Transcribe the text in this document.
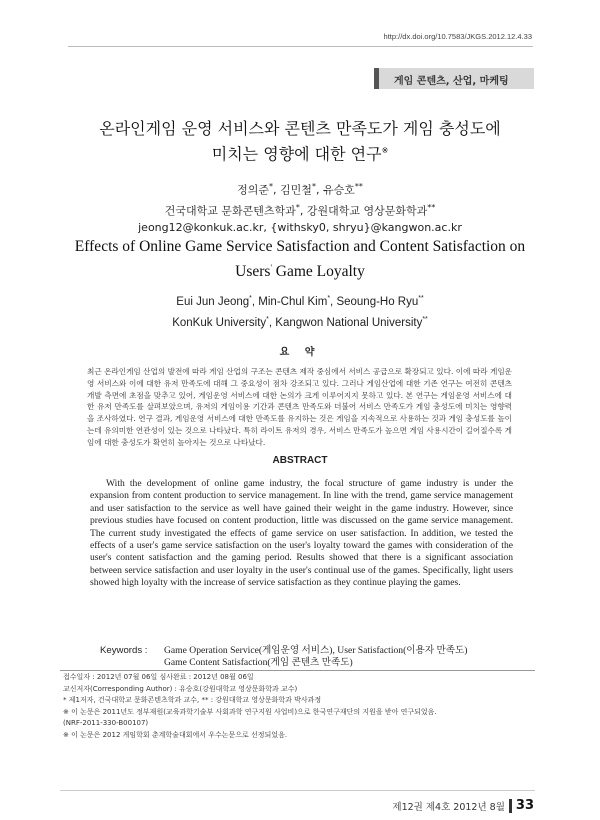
http://dx.doi.org/10.7583/JKGS.2012.12.4.33
게임 콘텐츠, 산업, 마케팅
온라인게임 운영 서비스와 콘텐츠 만족도가 게임 충성도에
미치는 영향에 대한 연구※
정의준*, 김민철*, 유승호**
건국대학교 문화콘텐츠학과*, 강원대학교 영상문화학과**
jeong12@konkuk.ac.kr, {withsky0, shryu}@kangwon.ac.kr
Effects of Online Game Service Satisfaction and Content Satisfaction on
Users' Game Loyalty
Eui Jun Jeong*, Min-Chul Kim*, Seoung-Ho Ryu**
KonKuk University*, Kangwon National University**
요 약
최근 온라인게임 산업의 발전에 따라 게임 산업의 구조는 콘텐츠 제작 중심에서 서비스 공급으로 확장되고 있다. 이에 따라 게임운영 서비스와 이에 대한 유저 만족도에 대해 그 중요성이 점차 강조되고 있다. 그러나 게임산업에 대한 기존 연구는 여전히 콘텐츠 개발 측면에 초점을 맞추고 있어, 게임운영 서비스에 대한 논의가 크게 이루어지지 못하고 있다. 본 연구는 게임운영 서비스에 대한 유저 만족도를 살펴보았으며, 유저의 게임이용 기간과 콘텐츠 만족도와 더불어 서비스 만족도가 게임 충성도에 미치는 영향력을 조사하였다. 연구 결과, 게임운영 서비스에 대한 만족도를 유지하는 것은 게임을 지속적으로 사용하는 것과 게임 충성도를 높이는데 유의미한 연관성이 있는 것으로 나타났다. 특히 라이트 유저의 경우, 서비스 만족도가 높으면 게임 사용시간이 길어질수록 게임에 대한 충성도가 확연히 높아지는 것으로 나타났다.
ABSTRACT
With the development of online game industry, the focal structure of game industry is under the expansion from content production to service management. In line with the trend, game service management and user satisfaction to the service as well have gained their weight in the game industry. However, since previous studies have focused on content production, little was discussed on the game service management. The current study investigated the effects of game service on user satisfaction. In addition, we tested the effects of a user's game service satisfaction on the user's loyalty toward the games with consideration of the user's content satisfaction and the gaming period. Results showed that there is a significant association between service satisfaction and user loyalty in the user's continual use of the games. Specifically, light users showed high loyalty with the increase of service satisfaction as they continue playing the games.
Keywords : Game Operation Service(게임운영 서비스), User Satisfaction(이용자 만족도)
Game Content Satisfaction(게임 콘텐츠 만족도)
접수일자 : 2012년 07월 06일 심사완료 : 2012년 08월 06일
교신저자(Corresponding Author) : 유승호(강원대학교 영상문화학과 교수)
* 제1저자, 건국대학교 문화콘텐츠학과 교수, ** : 강원대학교 영상문화학과 박사과정
※ 이 논문은 2011년도 정부재원(교육과학기술부 사회과학 연구지원 사업비)으로 한국연구재단의 지원을 받아 연구되었음.
(NRF-2011-330-B00107)
※ 이 논문은 2012 게임학회 춘계학술대회에서 우수논문으로 선정되었음.
제12권 제4호 2012년 8월 33
